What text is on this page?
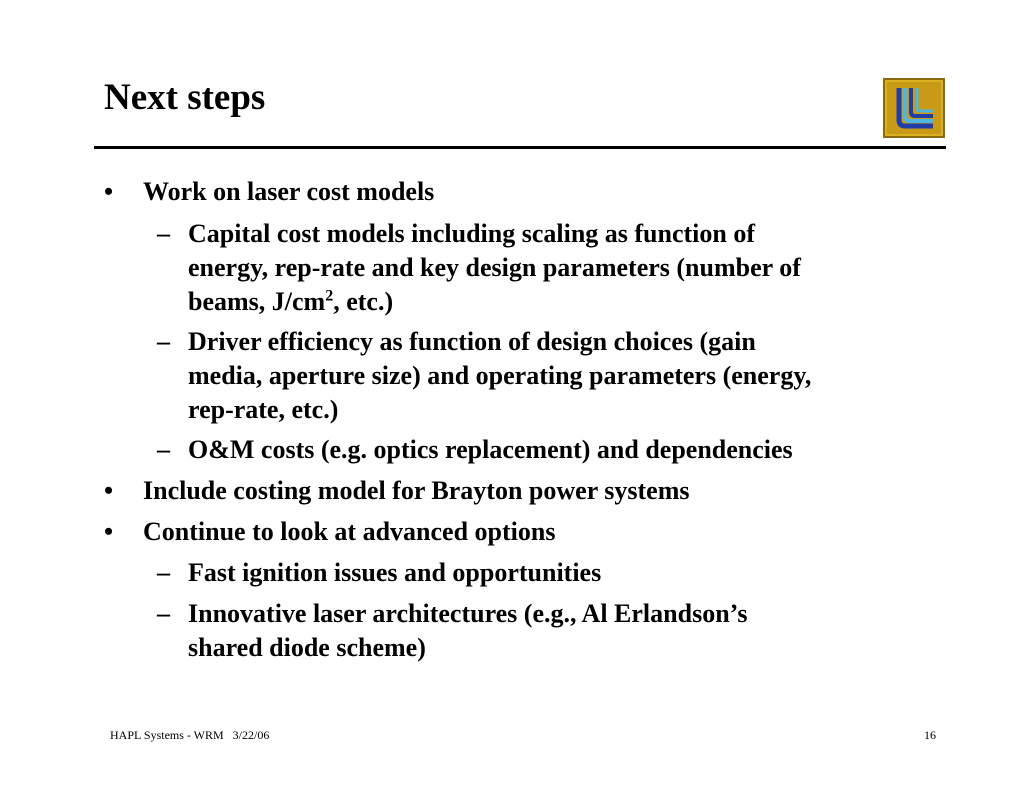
Next steps
• Work on laser cost models
– Capital cost models including scaling as function of
energy, rep-rate and key design parameters (number of
beams, $J/cm^2$, etc.)
– Driver efficiency as function of design choices (gain
media, aperture size) and operating parameters (energy,
rep-rate, etc.)
– O&M costs (e.g. optics replacement) and dependencies
• Include costing model for Brayton power systems
• Continue to look at advanced options
– Fast ignition issues and opportunities
– Innovative laser architectures (e.g., Al Erlandson’s
shared diode scheme)
HAPL Systems - WRM   3/22/06	16
